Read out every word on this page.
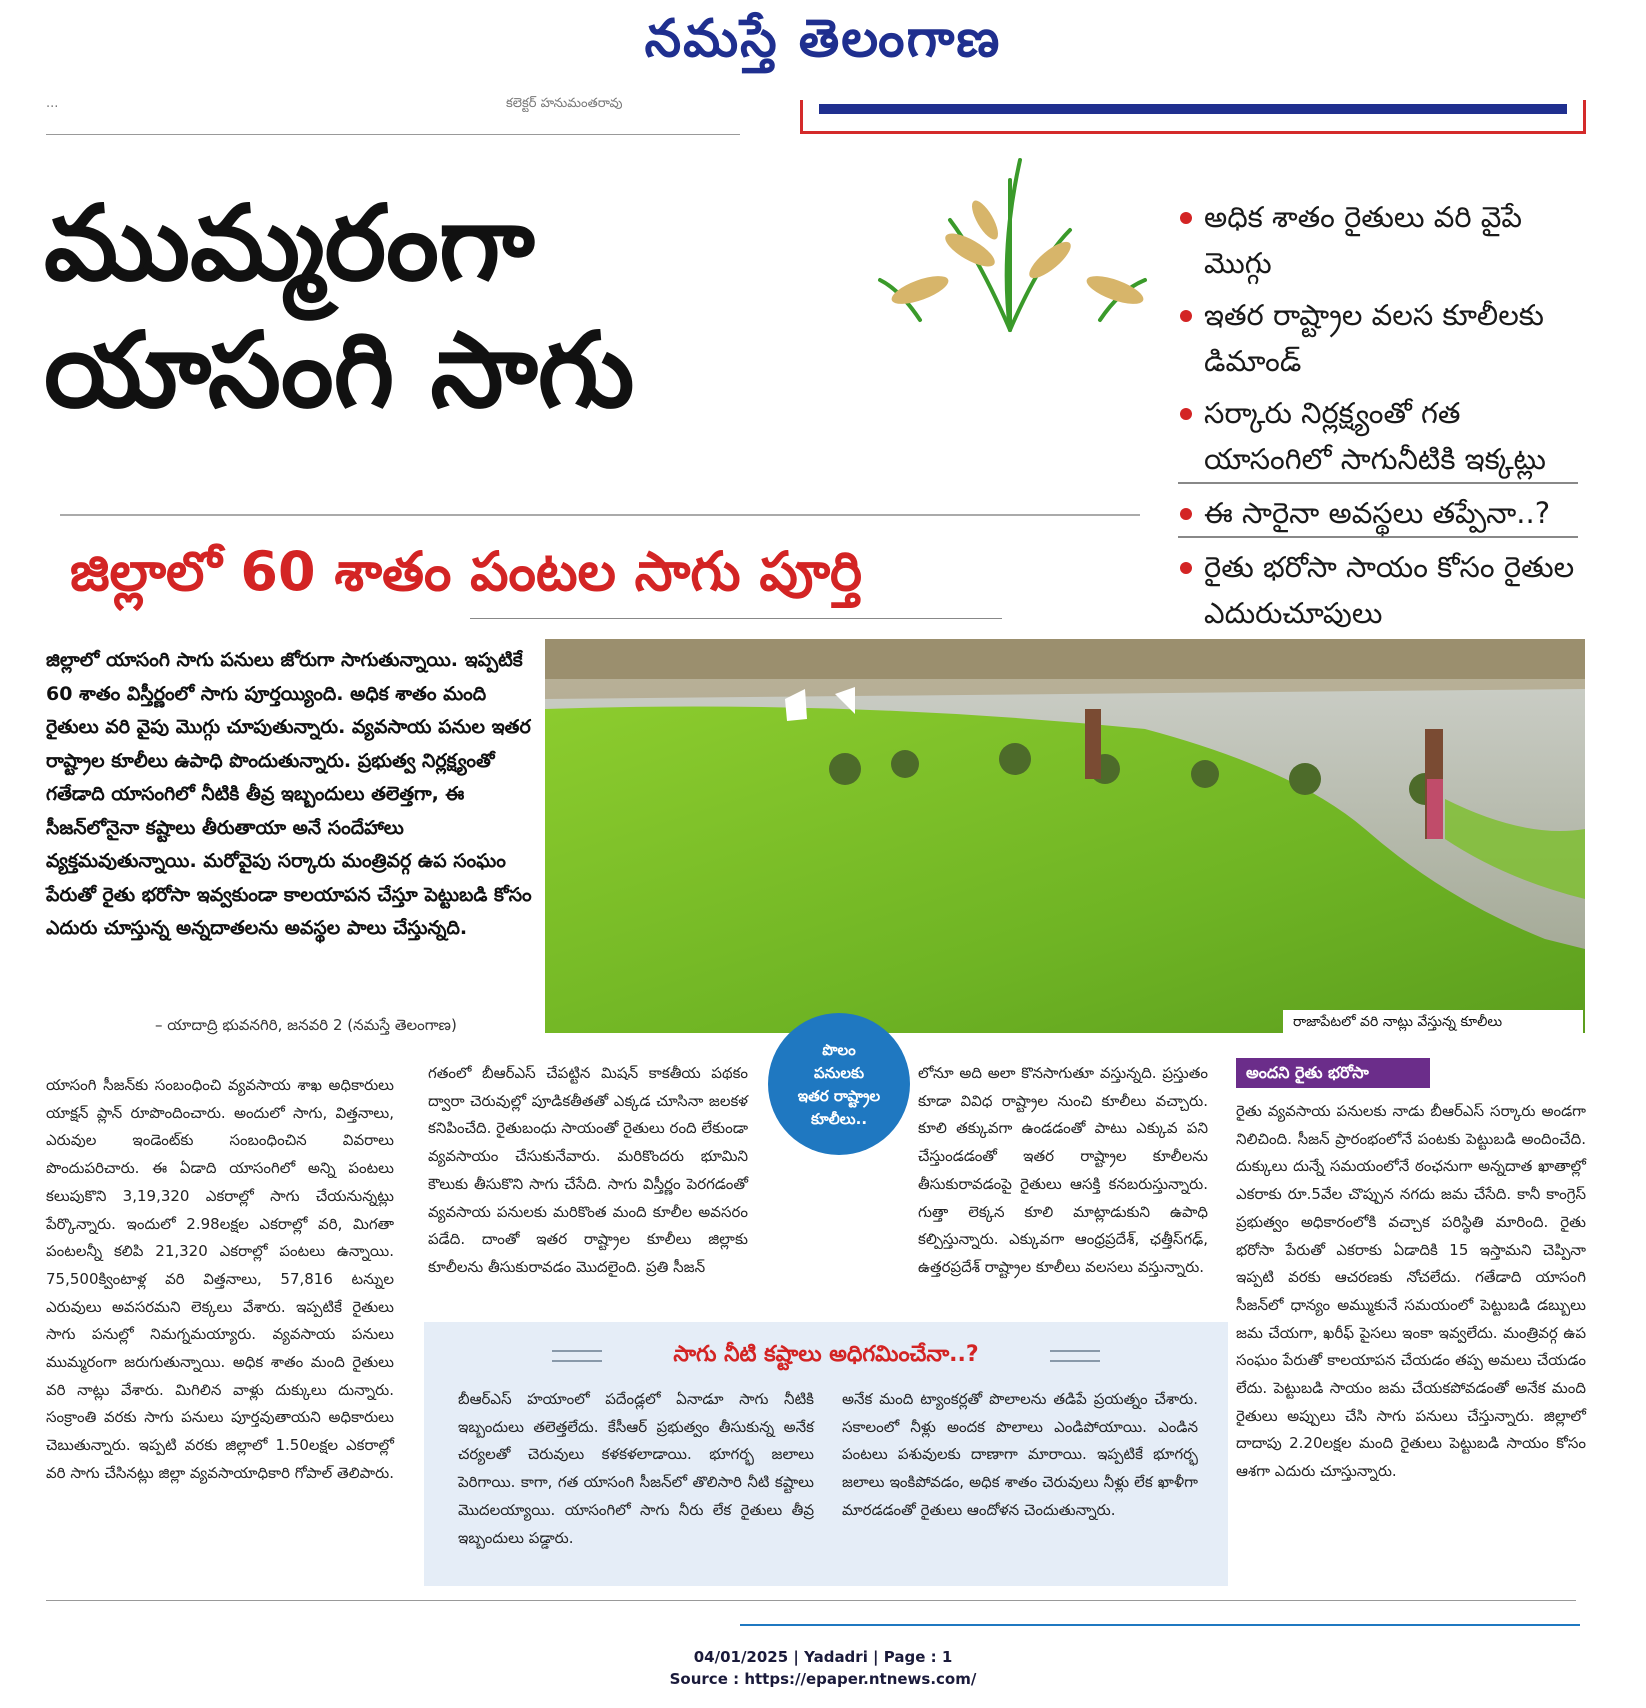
నమస్తే తెలంగాణ
...	కలెక్టర్ హనుమంతరావు
ముమ్మరంగా
యాసంగి సాగు
జిల్లాలో 60 శాతం పంటల సాగు పూర్తి
అధిక శాతం రైతులు వరి వైపే మొగ్గు
ఇతర రాష్ట్రాల వలస కూలీలకు డిమాండ్
సర్కారు నిర్లక్ష్యంతో గత యాసంగిలో సాగునీటికి ఇక్కట్లు
ఈ సారైనా అవస్థలు తప్పేనా..?
రైతు భరోసా సాయం కోసం రైతుల ఎదురుచూపులు

జిల్లాలో యాసంగి సాగు పనులు జోరుగా సాగుతున్నాయి. ఇప్పటికే 60 శాతం విస్తీర్ణంలో సాగు పూర్తయ్యింది. అధిక శాతం మంది రైతులు వరి వైపు మొగ్గు చూపుతున్నారు. వ్యవసాయ పనుల ఇతర రాష్ట్రాల కూలీలు ఉపాధి పొందుతున్నారు. ప్రభుత్వ నిర్లక్ష్యంతో గతేడాది యాసంగిలో నీటికి తీవ్ర ఇబ్బందులు తలెత్తగా, ఈ సీజన్‌లోనైనా కష్టాలు తీరుతాయా అనే సందేహాలు వ్యక్తమవుతున్నాయి. మరోవైపు సర్కారు మంత్రివర్గ ఉప సంఘం పేరుతో రైతు భరోసా ఇవ్వకుండా కాలయాపన చేస్తూ పెట్టుబడి కోసం ఎదురు చూస్తున్న అన్నదాతలను అవస్థల పాలు చేస్తున్నది.

– యాదాద్రి భువనగిరి, జనవరి 2 (నమస్తే తెలంగాణ)	రాజాపేటలో వరి నాట్లు వేస్తున్న కూలీలు
పొలం
పనులకు
ఇతర రాష్ట్రాల
కూలీలు..
యాసంగి సీజన్‌కు సంబంధించి వ్యవసాయ శాఖ అధికారులు యాక్షన్ ప్లాన్ రూపొందించారు. అందులో సాగు, విత్తనాలు, ఎరువుల ఇండెంట్‌కు సంబంధించిన వివరాలు పొందుపరిచారు. ఈ ఏడాది యాసంగిలో అన్ని పంటలు కలుపుకొని 3,19,320 ఎకరాల్లో సాగు చేయనున్నట్లు పేర్కొన్నారు. ఇందులో 2.98లక్షల ఎకరాల్లో వరి, మిగతా పంటలన్నీ కలిపి 21,320 ఎకరాల్లో పంటలు ఉన్నాయి. 75,500క్వింటాళ్ల వరి విత్తనాలు, 57,816 టన్నుల ఎరువులు అవసరమని లెక్కలు వేశారు. ఇప్పటికే రైతులు సాగు పనుల్లో నిమగ్నమయ్యారు. వ్యవసాయ పనులు ముమ్మరంగా జరుగుతున్నాయి. అధిక శాతం మంది రైతులు వరి నాట్లు వేశారు. మిగిలిన వాళ్లు దుక్కులు దున్నారు. సంక్రాంతి వరకు సాగు పనులు పూర్తవుతాయని అధికారులు చెబుతున్నారు. ఇప్పటి వరకు జిల్లాలో 1.50లక్షల ఎకరాల్లో వరి సాగు చేసినట్లు జిల్లా వ్యవసాయాధికారి గోపాల్ తెలిపారు.
గతంలో బీఆర్‌ఎస్ చేపట్టిన మిషన్ కాకతీయ పథకం ద్వారా చెరువుల్లో పూడికతీతతో ఎక్కడ చూసినా జలకళ కనిపించేది. రైతుబంధు సాయంతో రైతులు రంది లేకుండా వ్యవసాయం చేసుకునేవారు. మరికొందరు భూమిని కౌలుకు తీసుకొని సాగు చేసేది. సాగు విస్తీర్ణం పెరగడంతో వ్యవసాయ పనులకు మరికొంత మంది కూలీల అవసరం పడేది. దాంతో ఇతర రాష్ట్రాల కూలీలు జిల్లాకు కూలీలను తీసుకురావడం మొదలైంది. ప్రతి సీజన్
లోనూ అది అలా కొనసాగుతూ వస్తున్నది. ప్రస్తుతం కూడా వివిధ రాష్ట్రాల నుంచి కూలీలు వచ్చారు. కూలి తక్కువగా ఉండడంతో పాటు ఎక్కువ పని చేస్తుండడంతో ఇతర రాష్ట్రాల కూలీలను తీసుకురావడంపై రైతులు ఆసక్తి కనబరుస్తున్నారు. గుత్తా లెక్కన కూలి మాట్లాడుకుని ఉపాధి కల్పిస్తున్నారు. ఎక్కువగా ఆంధ్రప్రదేశ్, ఛత్తీస్‌గఢ్, ఉత్తరప్రదేశ్ రాష్ట్రాల కూలీలు వలసలు వస్తున్నారు.
అందని రైతు భరోసా
రైతు వ్యవసాయ పనులకు నాడు బీఆర్‌ఎస్ సర్కారు అండగా నిలిచింది. సీజన్ ప్రారంభంలోనే పంటకు పెట్టుబడి అందించేది. దుక్కులు దున్నే సమయంలోనే ఠంఛనుగా అన్నదాత ఖాతాల్లో ఎకరాకు రూ.5వేల చొప్పున నగదు జమ చేసేది. కానీ కాంగ్రెస్ ప్రభుత్వం అధికారంలోకి వచ్చాక పరిస్థితి మారింది. రైతు భరోసా పేరుతో ఎకరాకు ఏడాదికి 15 ఇస్తామని చెప్పినా ఇప్పటి వరకు ఆచరణకు నోచలేదు. గతేడాది యాసంగి సీజన్‌లో ధాన్యం అమ్ముకునే సమయంలో పెట్టుబడి డబ్బులు జమ చేయగా, ఖరీఫ్ పైసలు ఇంకా ఇవ్వలేదు. మంత్రివర్గ ఉప సంఘం పేరుతో కాలయాపన చేయడం తప్ప అమలు చేయడం లేదు. పెట్టుబడి సాయం జమ చేయకపోవడంతో అనేక మంది రైతులు అప్పులు చేసి సాగు పనులు చేస్తున్నారు. జిల్లాలో దాదాపు 2.20లక్షల మంది రైతులు పెట్టుబడి సాయం కోసం ఆశగా ఎదురు చూస్తున్నారు.
సాగు నీటి కష్టాలు అధిగమించేనా..?
బీఆర్‌ఎస్ హయాంలో పదేండ్లలో ఏనాడూ సాగు నీటికి ఇబ్బందులు తలెత్తలేదు. కేసీఆర్ ప్రభుత్వం తీసుకున్న అనేక చర్యలతో చెరువులు కళకళలాడాయి. భూగర్భ జలాలు పెరిగాయి. కాగా, గత యాసంగి సీజన్‌లో తొలిసారి నీటి కష్టాలు మొదలయ్యాయి. యాసంగిలో సాగు నీరు లేక రైతులు తీవ్ర ఇబ్బందులు పడ్డారు.
అనేక మంది ట్యాంకర్లతో పొలాలను తడిపే ప్రయత్నం చేశారు. సకాలంలో నీళ్లు అందక పొలాలు ఎండిపోయాయి. ఎండిన పంటలు పశువులకు దాణాగా మారాయి. ఇప్పటికే భూగర్భ జలాలు ఇంకిపోవడం, అధిక శాతం చెరువులు నీళ్లు లేక ఖాళీగా మారడడంతో రైతులు ఆందోళన చెందుతున్నారు.
04/01/2025 | Yadadri | Page : 1
Source : https://epaper.ntnews.com/
